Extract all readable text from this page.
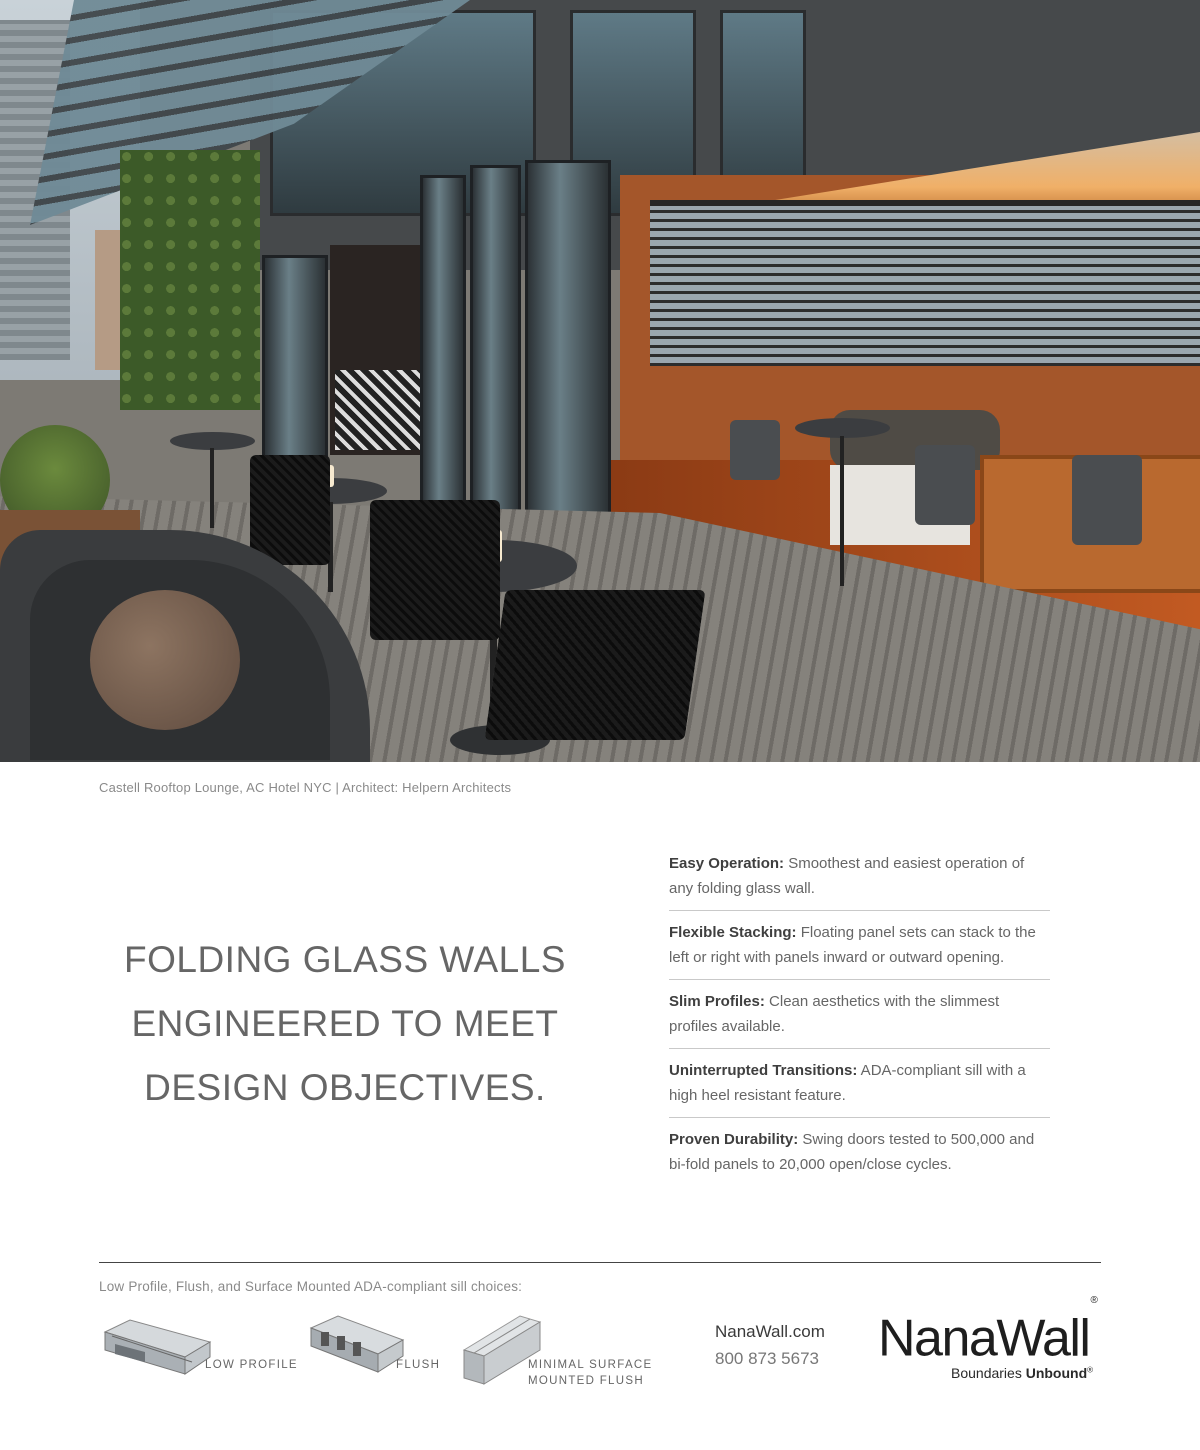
Castell Rooftop Lounge, AC Hotel NYC | Architect: Helpern Architects
FOLDING GLASS WALLS
ENGINEERED TO MEET
DESIGN OBJECTIVES.
Easy Operation: Smoothest and easiest operation of any folding glass wall.
Flexible Stacking: Floating panel sets can stack to the left or right with panels inward or outward opening.
Slim Profiles: Clean aesthetics with the slimmest profiles available.
Uninterrupted Transitions: ADA-compliant sill with a high heel resistant feature.
Proven Durability: Swing doors tested to 500,000 and bi-fold panels to 20,000 open/close cycles.
Low Profile, Flush, and Surface Mounted ADA-compliant sill choices:
LOW PROFILE	FLUSH	MINIMAL SURFACE
MOUNTED FLUSH
NanaWall.com
800 873 5673 NanaWall®
Boundaries Unbound®
